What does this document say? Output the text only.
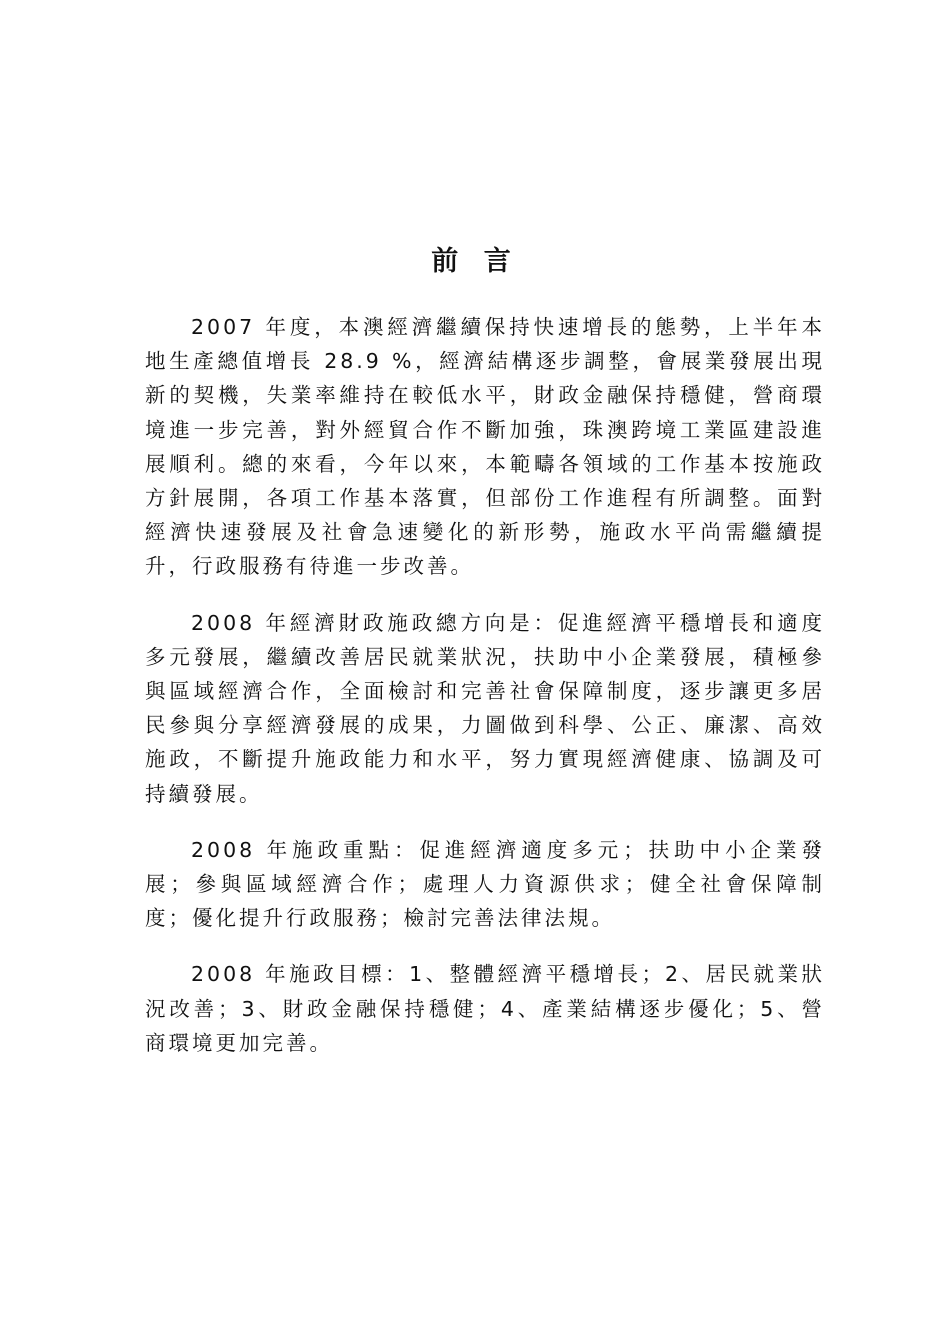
前 言

2007 年度，本澳經濟繼續保持快速增長的態勢，上半年本地生產總值增長 28.9 %，經濟結構逐步調整，會展業發展出現新的契機，失業率維持在較低水平，財政金融保持穩健，營商環境進一步完善，對外經貿合作不斷加強，珠澳跨境工業區建設進展順利。總的來看，今年以來，本範疇各領域的工作基本按施政方針展開，各項工作基本落實，但部份工作進程有所調整。面對經濟快速發展及社會急速變化的新形勢，施政水平尚需繼續提升，行政服務有待進一步改善。

2008 年經濟財政施政總方向是：促進經濟平穩增長和適度多元發展，繼續改善居民就業狀況，扶助中小企業發展，積極參與區域經濟合作，全面檢討和完善社會保障制度，逐步讓更多居民參與分享經濟發展的成果，力圖做到科學、公正、廉潔、高效施政，不斷提升施政能力和水平，努力實現經濟健康、協調及可持續發展。

2008 年施政重點：促進經濟適度多元；扶助中小企業發展；參與區域經濟合作；處理人力資源供求；健全社會保障制度；優化提升行政服務；檢討完善法律法規。

2008 年施政目標：1、整體經濟平穩增長；2、居民就業狀況改善；3、財政金融保持穩健；4、產業結構逐步優化；5、營商環境更加完善。
